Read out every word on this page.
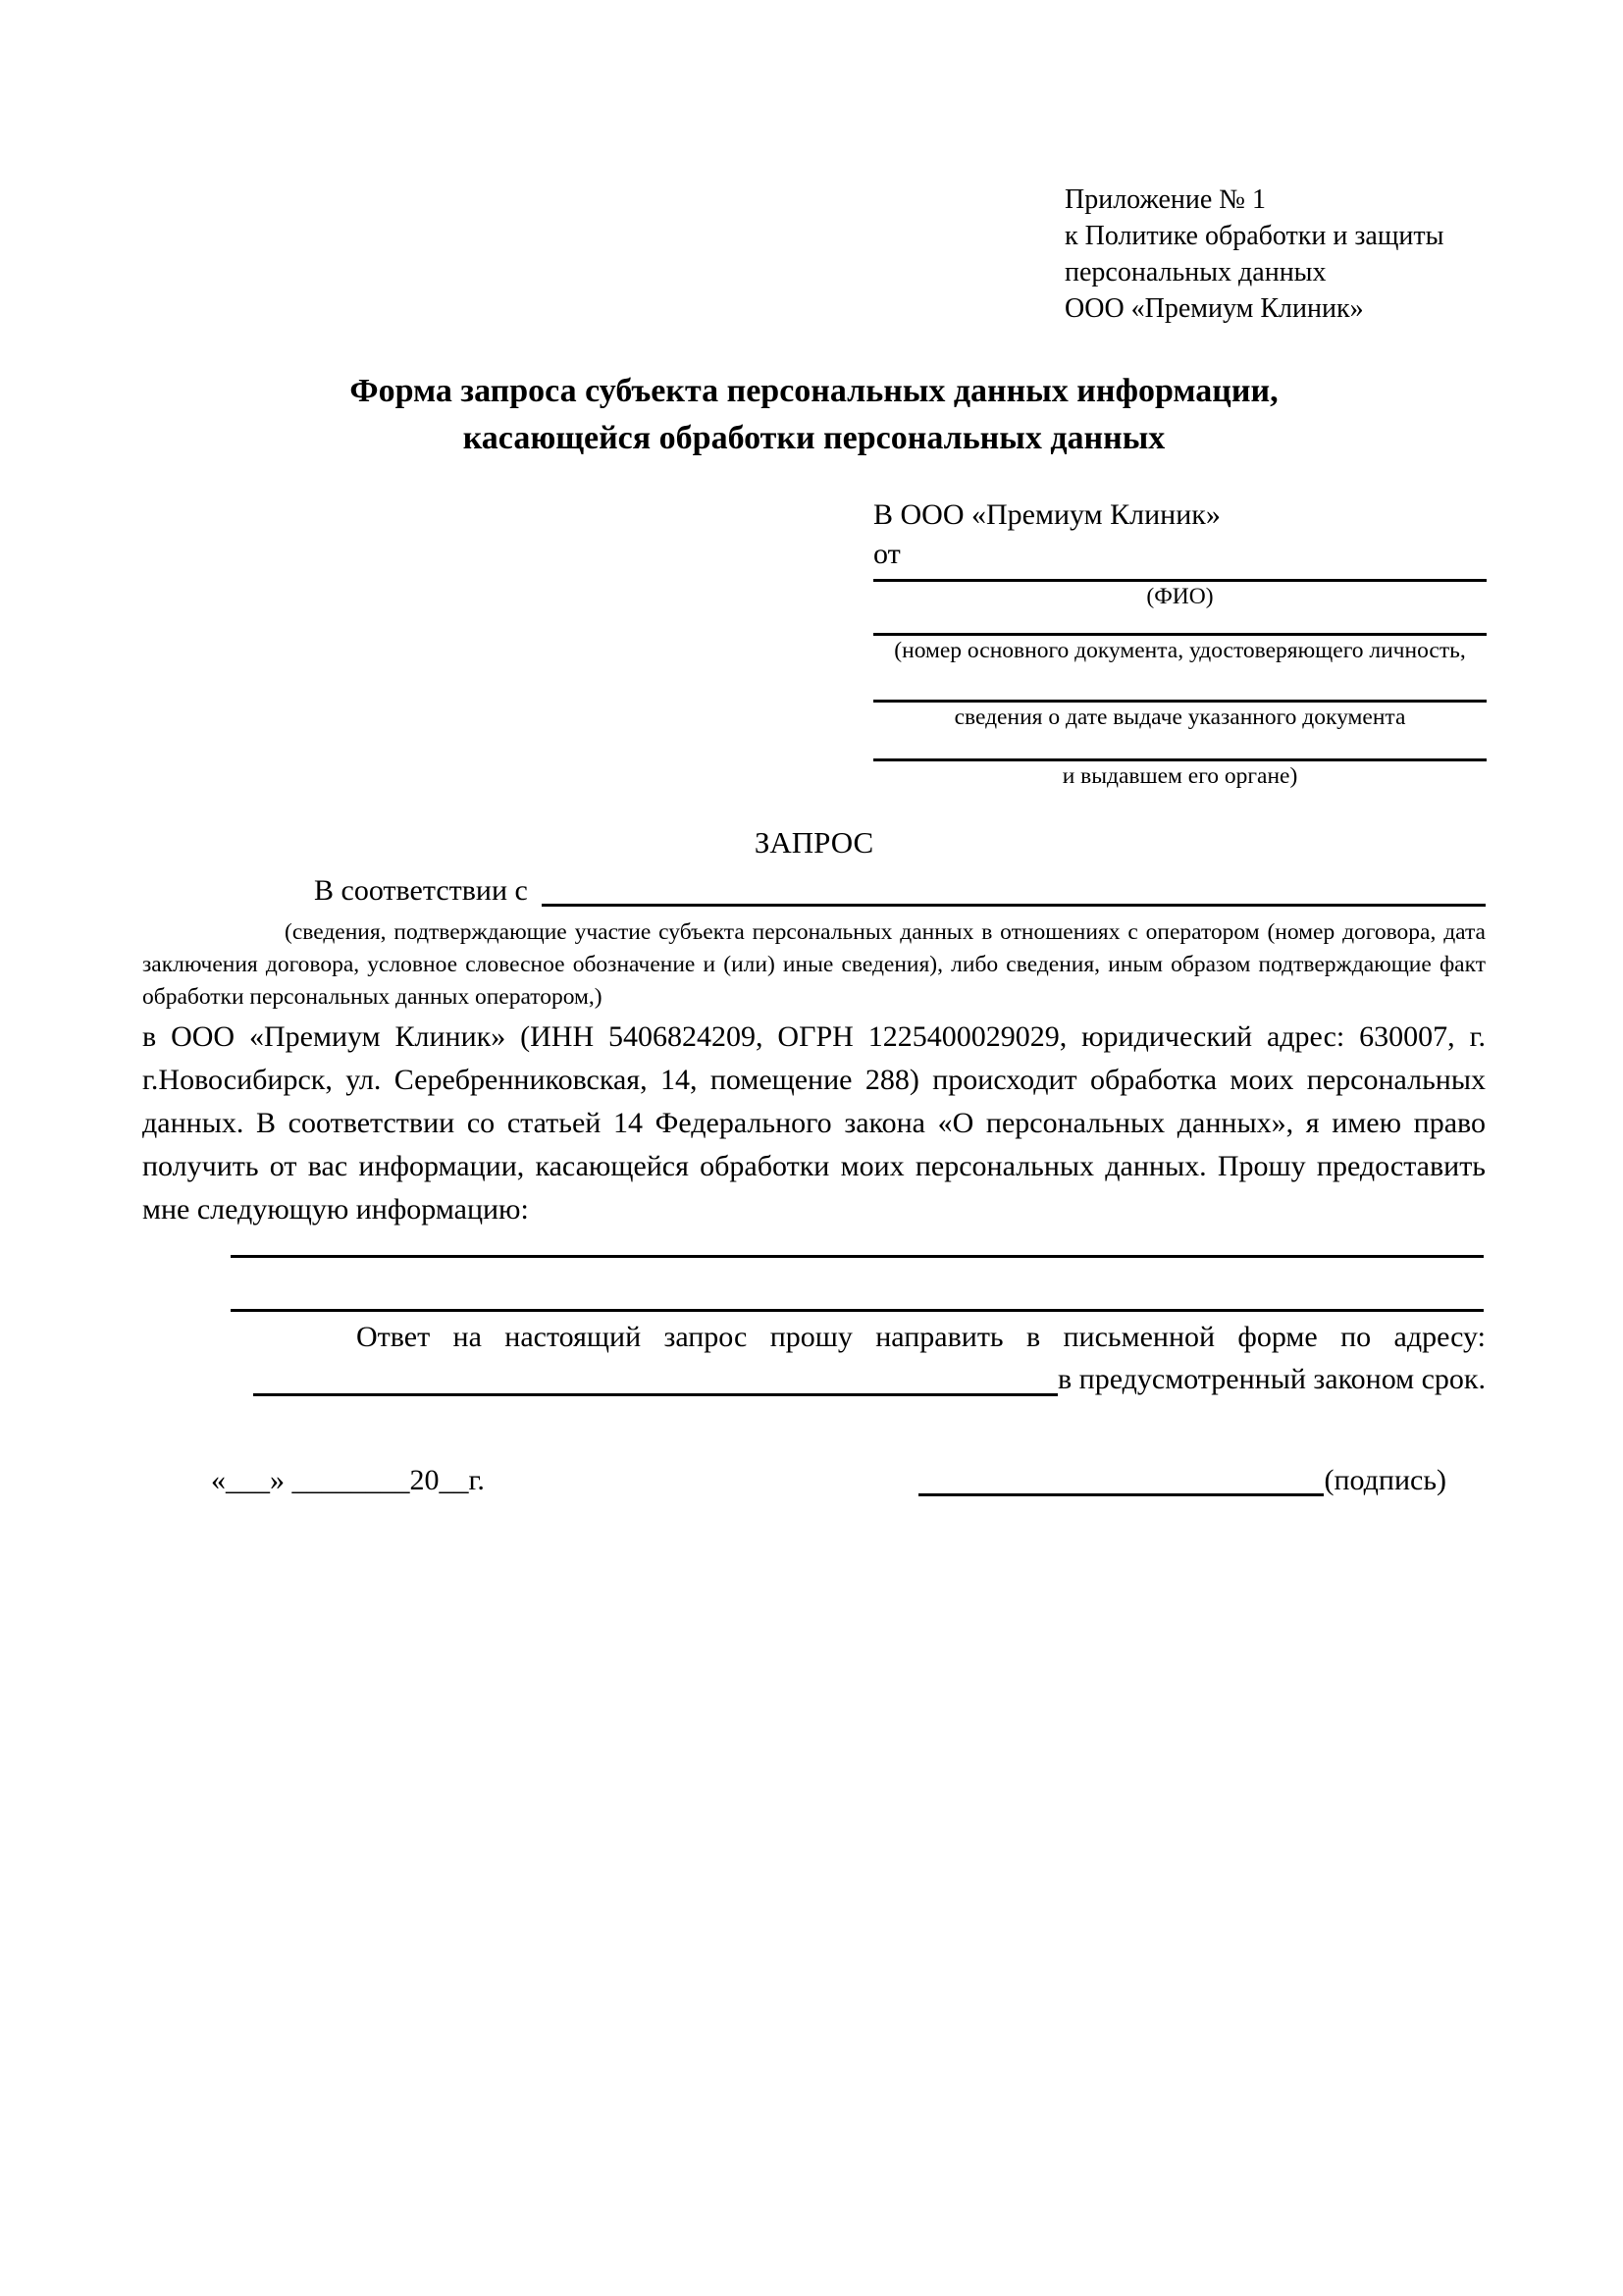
Приложение № 1
к Политике обработки и защиты
персональных данных
ООО «Премиум Клиник»
Форма запроса субъекта персональных данных информации,
касающейся обработки персональных данных
В ООО «Премиум Клиник»
от
(ФИО)
(номер основного документа, удостоверяющего личность,
сведения о дате выдаче указанного документа
и выдавшем его органе)
ЗАПРОС
В соответствии с

(сведения, подтверждающие участие субъекта персональных данных в отношениях с оператором (номер договора, дата заключения договора, условное словесное обозначение и (или) иные сведения), либо сведения, иным образом подтверждающие факт обработки персональных данных оператором,)

в ООО «Премиум Клиник» (ИНН 5406824209, ОГРН 1225400029029, юридический адрес: 630007, г. г.Новосибирск, ул. Серебренниковская, 14, помещение 288) происходит обработка моих персональных данных. В соответствии со статьей 14 Федерального закона «О персональных данных», я имею право получить от вас информации, касающейся обработки моих персональных данных. Прошу предоставить мне следующую информацию:

Ответ на настоящий запрос прошу направить в письменной форме по адресу:
в предусмотренный законом срок.
«___» ________20__г.	(подпись)
